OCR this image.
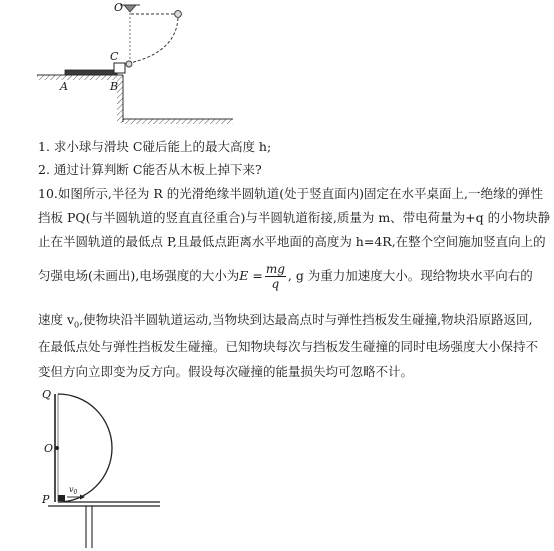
O
C
A	B
Q
O
P
$v_0$
1. 求小球与滑块 C碰后能上的最大高度 h;
2. 通过计算判断 C能否从木板上掉下来?
10.如图所示,半径为 R 的光滑绝缘半圆轨道(处于竖直面内)固定在水平桌面上,一绝缘的弹性
挡板 PQ(与半圆轨道的竖直直径重合)与半圆轨道衔接,质量为 m、带电荷量为+q 的小物块静
止在半圆轨道的最低点 P,且最低点距离水平地面的高度为 h=4R,在整个空间施加竖直向上的
匀强电场(未画出),电场强度的大小为$E = \frac{mg}{q}$ , g 为重力加速度大小。现给物块水平向右的
速度 $v_0$,使物块沿半圆轨道运动,当物块到达最高点时与弹性挡板发生碰撞,物块沿原路返回,
在最低点处与弹性挡板发生碰撞。已知物块每次与挡板发生碰撞的同时电场强度大小保持不
变但方向立即变为反方向。假设每次碰撞的能量损失均可忽略不计。
